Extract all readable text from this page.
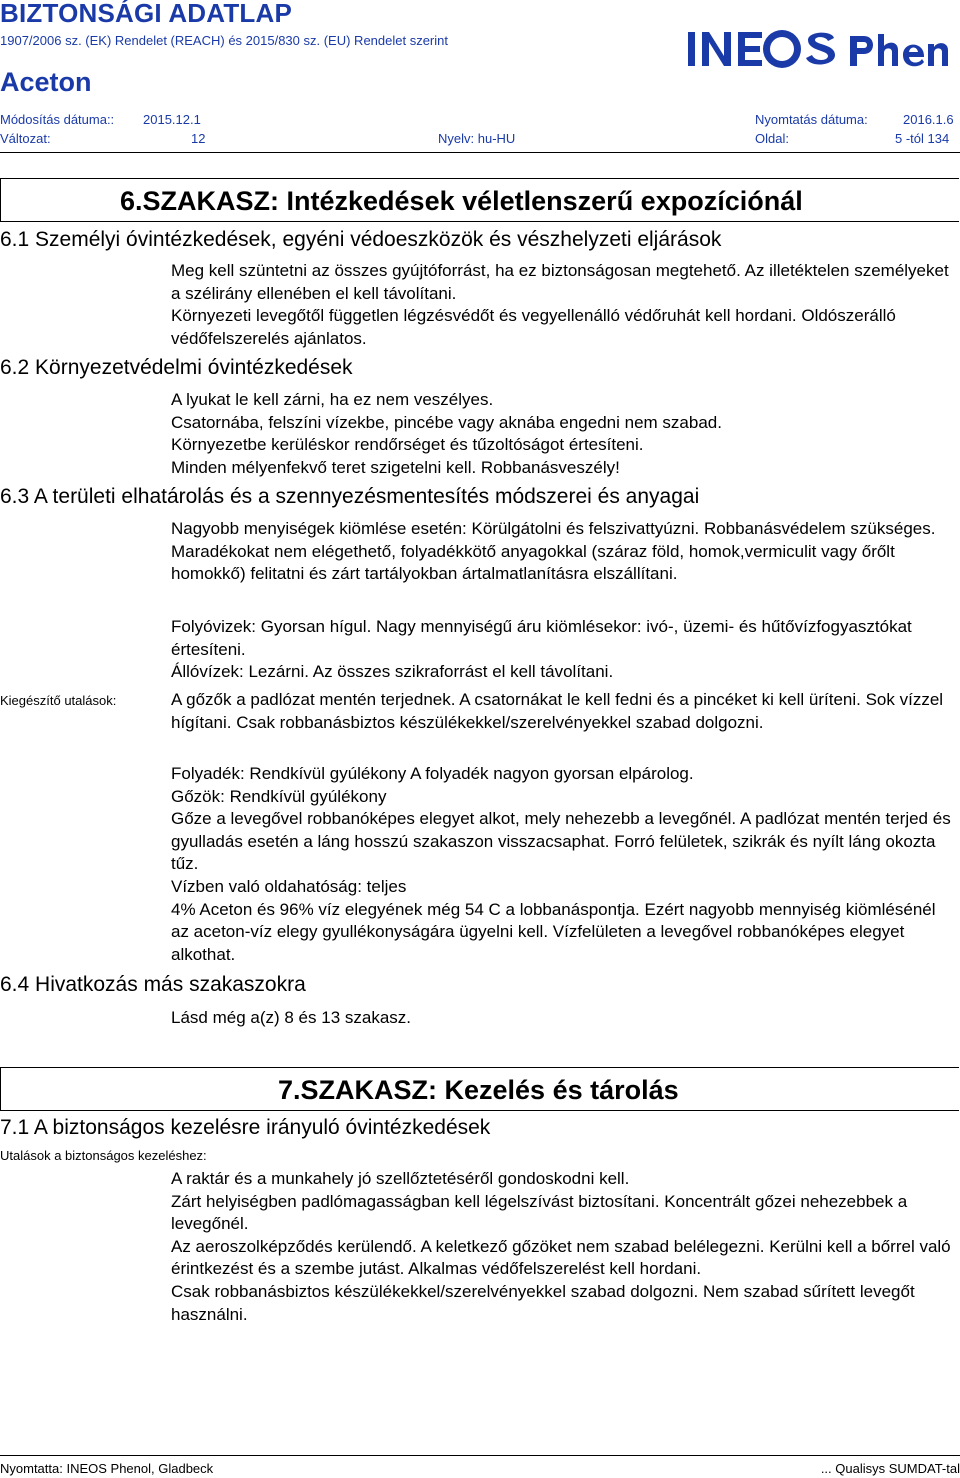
BIZTONSÁGI ADATLAP
1907/2006 sz. (EK) Rendelet (REACH) és 2015/830 sz. (EU) Rendelet szerint
Aceton
Módosítás dátuma:: 2015.12.1	Nyomtatás dátuma:	2016.1.6
Változat:	12	Nyelv: hu-HU	Oldal:	5 -tól 134
6.SZAKASZ: Intézkedések véletlenszerű expozíciónál
6.1 Személyi óvintézkedések, egyéni védoeszközök és vészhelyzeti eljárások

Meg kell szüntetni az összes gyújtóforrást, ha ez biztonságosan megtehető. Az illetéktelen személyeket a szélirány ellenében el kell távolítani.

Környezeti levegőtől független légzésvédőt és vegyellenálló védőruhát kell hordani. Oldószerálló védőfelszerelés ajánlatos.

6.2 Környezetvédelmi óvintézkedések

A lyukat le kell zárni, ha ez nem veszélyes.

Csatornába, felszíni vízekbe, pincébe vagy aknába engedni nem szabad.

Környezetbe kerüléskor rendőrséget és tűzoltóságot értesíteni.

Minden mélyenfekvő teret szigetelni kell. Robbanásveszély!

6.3 A területi elhatárolás és a szennyezésmentesítés módszerei és anyagai

Nagyobb menyiségek kiömlése esetén: Körülgátolni és felszivattyúzni. Robbanásvédelem szükséges.

Maradékokat nem elégethető, folyadékkötő anyagokkal (száraz föld, homok,vermiculit vagy őrőlt homokkő) felitatni és zárt tartályokban ártalmatlanításra elszállítani.

Folyóvizek: Gyorsan hígul. Nagy mennyiségű áru kiömlésekor: ivó-, üzemi- és hűtővízfogyasztókat értesíteni.

Állóvízek: Lezárni. Az összes szikraforrást el kell távolítani.

Kiegészítő utalások:	A gőzők a padlózat mentén terjednek. A csatornákat le kell fedni és a pincéket ki kell üríteni. Sok vízzel hígítani. Csak robbanásbiztos készülékekkel/szerelvényekkel szabad dolgozni.

Folyadék: Rendkívül gyúlékony A folyadék nagyon gyorsan elpárolog.

Gőzök: Rendkívül gyúlékony

Gőze a levegővel robbanóképes elegyet alkot, mely nehezebb a levegőnél. A padlózat mentén terjed és gyulladás esetén a láng hosszú szakaszon visszacsaphat. Forró felületek, szikrák és nyílt láng okozta tűz.

Vízben való oldahatóság: teljes

4% Aceton és 96% víz elegyének még 54 C a lobbanáspontja. Ezért nagyobb mennyiség kiömlésénél az aceton-víz elegy gyullékonyságára ügyelni kell. Vízfelületen a levegővel robbanóképes elegyet alkothat.

6.4 Hivatkozás más szakaszokra

Lásd még a(z) 8 és 13 szakasz.

7.SZAKASZ: Kezelés és tárolás
7.1 A biztonságos kezelésre irányuló óvintézkedések
Utalások a biztonságos kezeléshez:

A raktár és a munkahely jó szellőztetéséről gondoskodni kell.

Zárt helyiségben padlómagasságban kell légelszívást biztosítani. Koncentrált gőzei nehezebbek a levegőnél.

Az aeroszolképződés kerülendő. A keletkező gőzöket nem szabad belélegezni. Kerülni kell a bőrrel való érintkezést és a szembe jutást. Alkalmas védőfelszerelést kell hordani.

Csak robbanásbiztos készülékekkel/szerelvényekkel szabad dolgozni. Nem szabad sűrített levegőt használni.

Nyomtatta: INEOS Phenol, Gladbeck	... Qualisys SUMDAT-tal
